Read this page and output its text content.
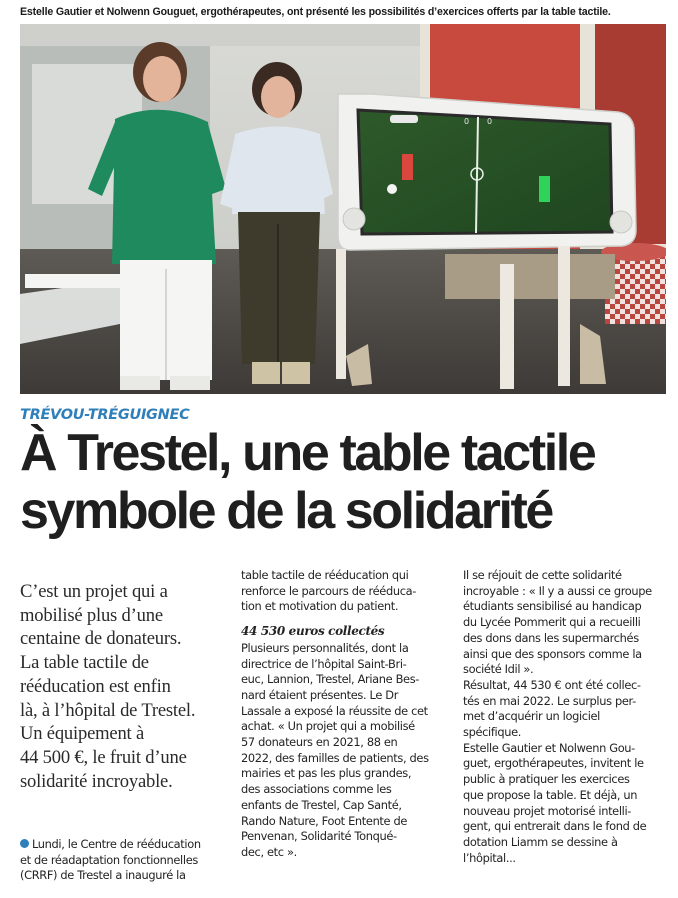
Estelle Gautier et Nolwenn Gouguet, ergothérapeutes, ont présenté les possibilités d’exercices offerts par la table tactile.
0 0
TRÉVOU-TRÉGUIGNEC
À Trestel, une table tactile
symbole de la solidarité
C’est un projet qui a
mobilisé plus d’une
centaine de donateurs.
La table tactile de
rééducation est enfin
là, à l’hôpital de Trestel.
Un équipement à
44 500 €, le fruit d’une
solidarité incroyable.
Lundi, le Centre de rééducation
et de réadaptation fonctionnelles
(CRRF) de Trestel a inauguré la
table tactile de rééducation qui
renforce le parcours de rééduca-
tion et motivation du patient.
44 530 euros collectés
Plusieurs personnalités, dont la
directrice de l’hôpital Saint-Bri-
euc, Lannion, Trestel, Ariane Bes-
nard étaient présentes. Le Dr
Lassale a exposé la réussite de cet
achat. « Un projet qui a mobilisé
57 donateurs en 2021, 88 en
2022, des familles de patients, des
mairies et pas les plus grandes,
des associations comme les
enfants de Trestel, Cap Santé,
Rando Nature, Foot Entente de
Penvenan, Solidarité Tonqué-
dec, etc ».
Il se réjouit de cette solidarité
incroyable : « Il y a aussi ce groupe
étudiants sensibilisé au handicap
du Lycée Pommerit qui a recueilli
des dons dans les supermarchés
ainsi que des sponsors comme la
société Idil ».
Résultat, 44 530 € ont été collec-
tés en mai 2022. Le surplus per-
met d’acquérir un logiciel
spécifique.
Estelle Gautier et Nolwenn Gou-
guet, ergothérapeutes, invitent le
public à pratiquer les exercices
que propose la table. Et déjà, un
nouveau projet motorisé intelli-
gent, qui entrerait dans le fond de
dotation Liamm se dessine à
l’hôpital...
